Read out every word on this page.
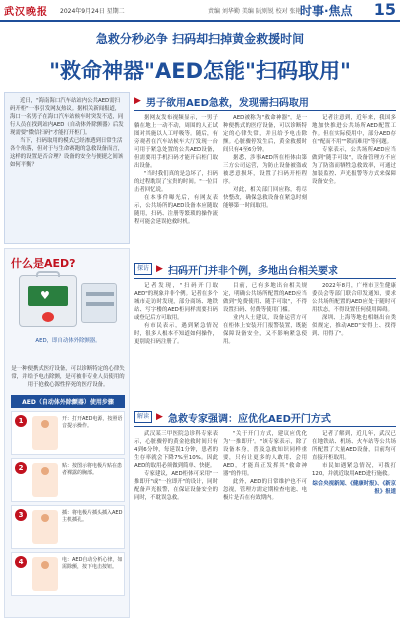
武汉晚报 2024年9月24日 星期二	责编 刘华勤 美编 阮则锐 校对 张艳
时事·焦点 15
急救分秒必争 扫码却扫掉黄金救援时间
"救命神器"AED怎能"扫码取用"

近日，"海南海口汽车站站内公共AED需扫码开柜"一事引发网友热议。据相关新闻报道，海口一名男子在海口汽车站候车时突发不适，同行人员在找到站内AED（自动体外除颤器）后发现需要"微信扫码"才能打开柜门。

当下，扫码取用的模式已经渗透到日常生活各个角落，但对于与生命赛跑的急救设备而言，这样的设置是否合理？设备的安全与便捷之间该如何平衡？

什么是AED?
♥
AED，即自动体外除颤器。
是一种便携式医疗设备，可以诊断特定的心律失常，并给予电击除颤，是可被非专业人员使用的用于抢救心源性猝死的医疗设备。
AED（自动体外除颤器）使用步骤
1	开：打开AED电源，按照语音提示操作。
2	贴：按图示将电极片贴在患者裸露的胸部。
3	插：将电极片插头插入AED主机插孔。
4	电：AED自动分析心律，如需除颤，按下电击按钮。
▶ 男子欲用AED急救，发现需扫码取用

据网友发布视频显示，一男子躺在地上一动不动，周围的人正试图对其施以人工呼吸等。随后，有旁观者在汽车站候车大厅发现一台可用于紧急处置的公共AED设备，但需要用手机扫码才能开启柜门取出设备。

"当时我们真的是急坏了，扫码的过程耽误了宝贵的时间。"一位目击者回忆说。

在本事件曝光后，有网友表示，公共场所的AED设备本应随取随用，扫码、注册等繁琐的操作流程可能会延误抢救时机。

AED被称为"救命神器"，是一种便携式的医疗设备，可以诊断特定的心律失常，并且给予电击除颤。心脏骤停发生后，黄金救援时间只有4至6分钟。

据悉，涉事AED所在柜体由第三方公司运营，为防止设备被盗或被恶意损坏，设置了扫码开柜程序。

对此，相关部门回应称，将尽快整改，确保急救设备在紧急时刻能够第一时间取用。

记者注意到，近年来，我国多地加快推进公共场所AED配置工作。但在实际使用中，部分AED存在"配而不用""锁而难用"等问题。

专家表示，公共场所AED应当做到"随手可取"，设备管理方不应为了防盗而牺牲急救效率，可通过加装监控、声光报警等方式来保障设备安全。

探访 ▶ 扫码开门并非个例，多地出台相关要求

记者发现，"扫码开门取AED"的现象并非个例。记者在多个城市走访时发现，部分商场、地铁站、写字楼的AED柜同样需要扫码或登记后方可取用。

有市民表示，遇到紧急情况时，很多人根本不知道如何操作，更别说扫码注册了。

目前，已有多地出台相关规定，明确公共场所配置的AED应当做到"免费使用、随手可取"，不得设置扫码、付费等使用门槛。

业内人士建议，设备运营方可在柜体上安装开门报警装置，既能保障设备安全，又不影响紧急使用。

2022年8月，广州市卫生健康委员会等部门联合印发通知，要求公共场所配置的AED应处于随时可用状态，不得设置任何使用障碍。

深圳、上海等地也相继出台类似规定，推动AED"安得上、找得到、用得了"。

解读 ▶ 急救专家强调：应优化AED开门方式

武汉某三甲医院急诊科专家表示，心脏骤停的黄金抢救时间只有4到6分钟，每延误1分钟，患者的生存率就会下降7%至10%。因此AED的取用必须做到简单、快捷。

专家建议，AED柜体可采用"一推即开"或"一拉即开"的设计，同时配备声光报警，在保证设备安全的同时，不耽误急救。

"关于开门方式，建议应优化为'一推即开'。"该专家表示，除了设备本身，普及急救知识同样重要，只有让更多的人敢用、会用AED，才能真正发挥其"救命神器"的作用。

此外，AED的日常维护也不可忽视，管理方需定期检查电池、电极片是否在有效期内。

记者了解到，近几年，武汉已在地铁站、机场、火车站等公共场所配置了大量AED设备，目前均可直接开柜取用。

市民如遇紧急情况，可拨打120，并就近取用AED进行施救。

综合央视新闻、《健康时报》、《新京报》报道
